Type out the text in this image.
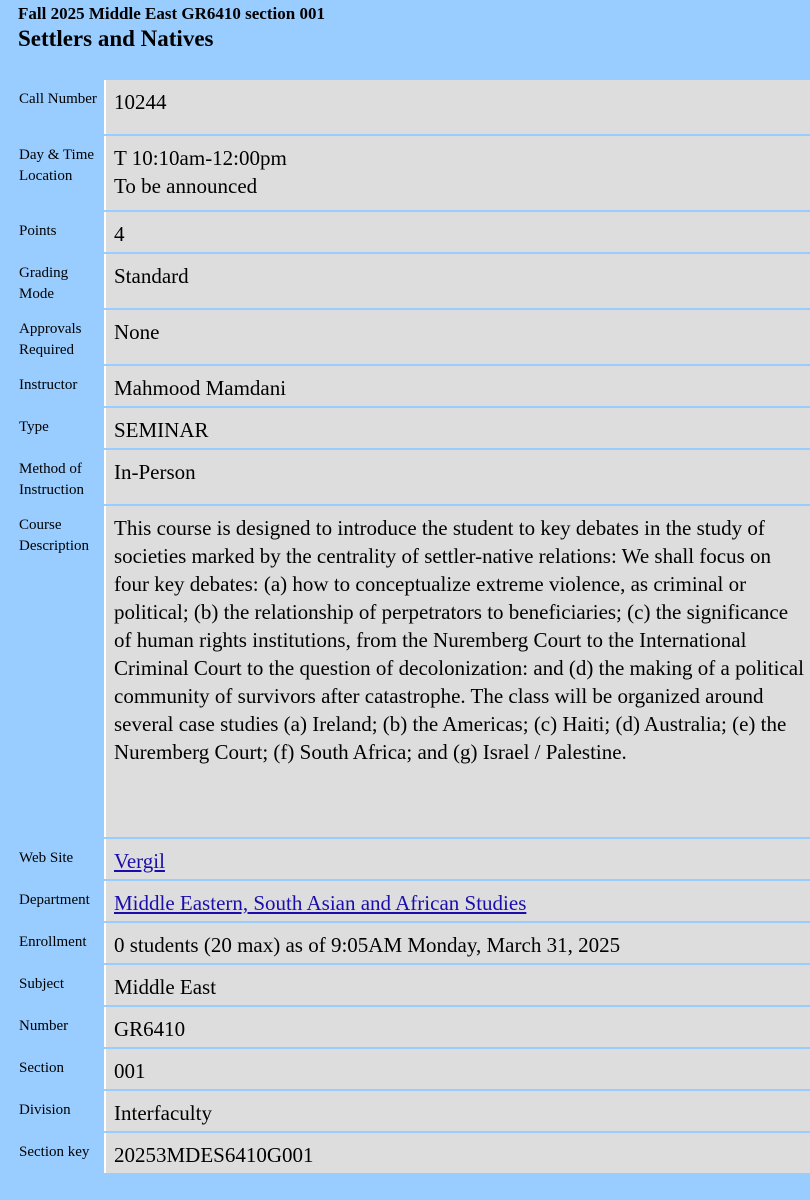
Fall 2025 Middle East GR6410 section 001
Settlers and Natives
Call Number	10244

Day & Time Location	T 10:10am-12:00pm
To be announced

Points	4

Grading Mode	Standard

Approvals Required	None

Instructor	Mahmood Mamdani

Type	SEMINAR

Method of Instruction	In-Person

Course Description	This course is designed to introduce the student to key debates in the study of societies marked by the centrality of settler-native relations: We shall focus on four key debates: (a) how to conceptualize extreme violence, as criminal or political; (b) the relationship of perpetrators to beneficiaries; (c) the significance of human rights institutions, from the Nuremberg Court to the International Criminal Court to the question of decolonization: and (d) the making of a political community of survivors after catastrophe. The class will be organized around several case studies (a) Ireland; (b) the Americas; (c) Haiti; (d) Australia; (e) the Nuremberg Court; (f) South Africa; and (g) Israel / Palestine.

Web Site	Vergil
Department	Middle Eastern, South Asian and African Studies
Enrollment	0 students (20 max) as of 9:05AM Monday, March 31, 2025

Subject	Middle East

Number	GR6410

Section	001

Division	Interfaculty

Section key	20253MDES6410G001
